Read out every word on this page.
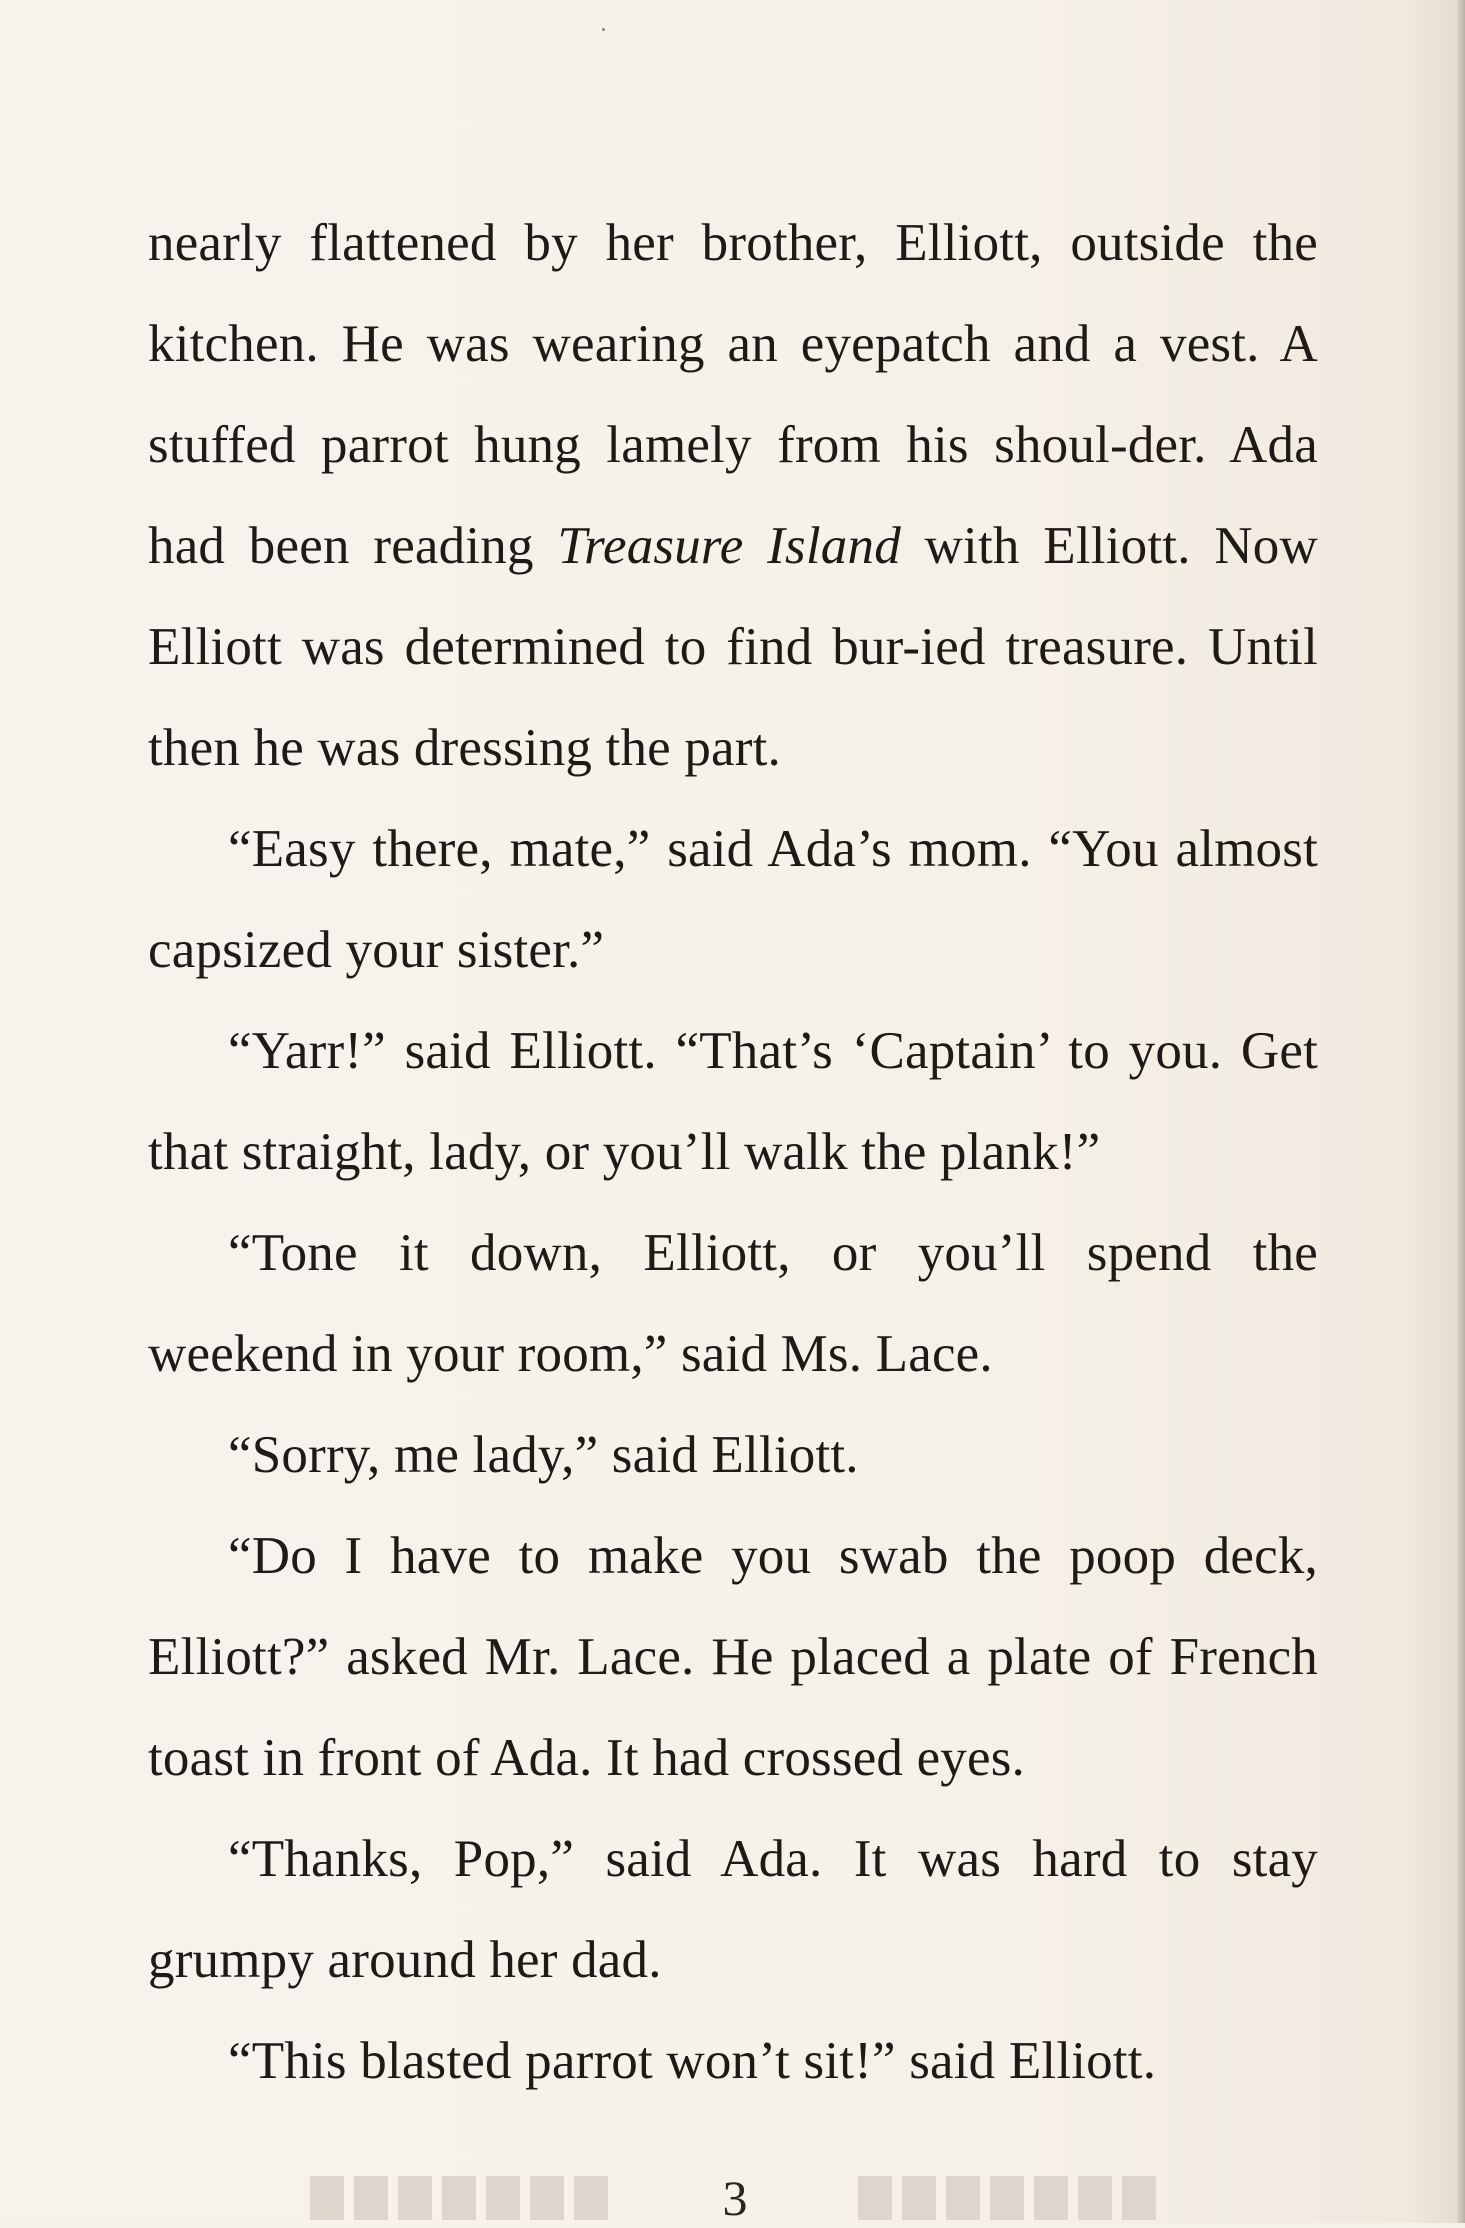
nearly flattened by her brother, Elliott, outside the kitchen. He was wearing an eyepatch and a vest. A stuffed parrot hung lamely from his shoul-der. Ada had been reading Treasure Island with Elliott. Now Elliott was determined to find bur-ied treasure. Until then he was dressing the part.

“Easy there, mate,” said Ada’s mom. “You almost capsized your sister.”

“Yarr!” said Elliott. “That’s ‘Captain’ to you. Get that straight, lady, or you’ll walk the plank!”

“Tone it down, Elliott, or you’ll spend the weekend in your room,” said Ms. Lace.

“Sorry, me lady,” said Elliott.

“Do I have to make you swab the poop deck, Elliott?” asked Mr. Lace. He placed a plate of French toast in front of Ada. It had crossed eyes.

“Thanks, Pop,” said Ada. It was hard to stay grumpy around her dad.

“This blasted parrot won’t sit!” said Elliott.

3
